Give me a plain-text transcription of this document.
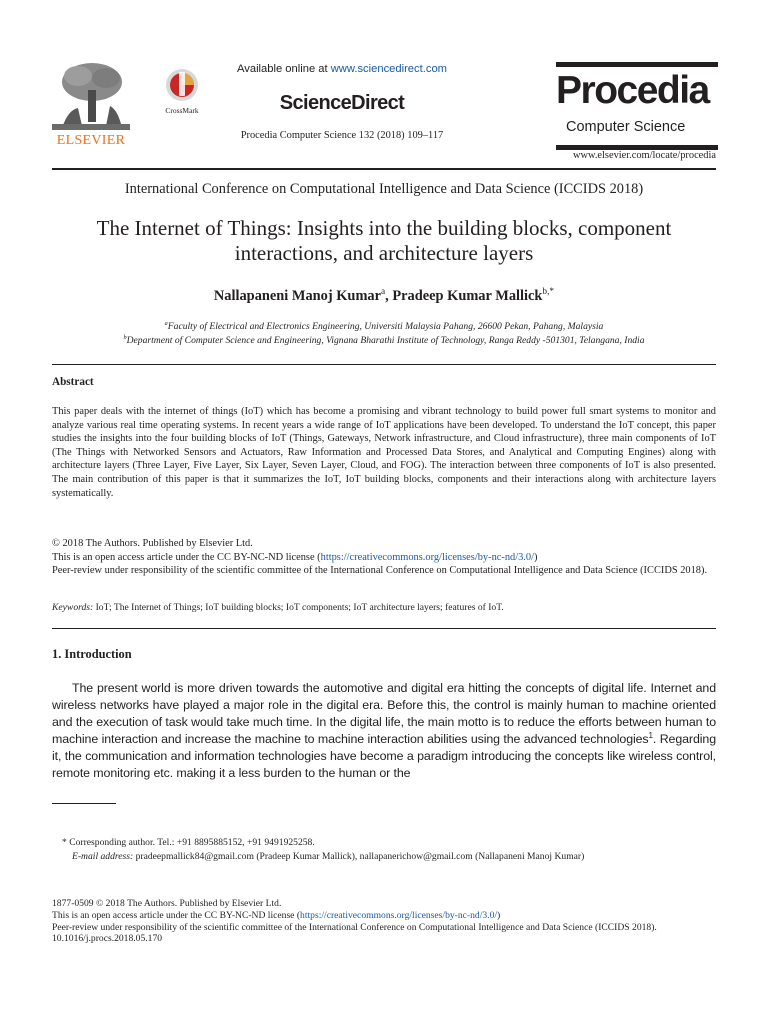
ELSEVIER
CrossMark
Available online at www.sciencedirect.com
ScienceDirect
Procedia Computer Science 132 (2018) 109–117
Procedia
Computer Science
www.elsevier.com/locate/procedia
International Conference on Computational Intelligence and Data Science (ICCIDS 2018)
The Internet of Things: Insights into the building blocks, component
interactions, and architecture layers
Nallapaneni Manoj Kumar$^a$, Pradeep Kumar Mallick$^{b,*}$
$^a$Faculty of Electrical and Electronics Engineering, Universiti Malaysia Pahang, 26600 Pekan, Pahang, Malaysia
$^b$Department of Computer Science and Engineering, Vignana Bharathi Institute of Technology, Ranga Reddy -501301, Telangana, India
Abstract
This paper deals with the internet of things (IoT) which has become a promising and vibrant technology to build power full smart systems to monitor and analyze various real time operating systems. In recent years a wide range of IoT applications have been developed. To understand the IoT concept, this paper studies the insights into the four building blocks of IoT (Things, Gateways, Network infrastructure, and Cloud infrastructure), three main components of IoT (The Things with Networked Sensors and Actuators, Raw Information and Processed Data Stores, and Analytical and Computing Engines) along with architecture layers (Three Layer, Five Layer, Six Layer, Seven Layer, Cloud, and FOG). The interaction between three components of IoT is also presented. The main contribution of this paper is that it summarizes the IoT, IoT building blocks, components and their interactions along with architecture layers systematically.
© 2018 The Authors. Published by Elsevier Ltd.
This is an open access article under the CC BY-NC-ND license (https://creativecommons.org/licenses/by-nc-nd/3.0/)
Peer-review under responsibility of the scientific committee of the International Conference on Computational Intelligence and Data Science (ICCIDS 2018).
Keywords: IoT; The Internet of Things; IoT building blocks; IoT components; IoT architecture layers; features of IoT.
1. Introduction
The present world is more driven towards the automotive and digital era hitting the concepts of digital life. Internet and wireless networks have played a major role in the digital era. Before this, the control is mainly human to machine oriented and the execution of task would take much time. In the digital life, the main motto is to reduce the efforts between human to machine interaction and increase the machine to machine interaction abilities using the advanced technologies$^1$. Regarding it, the communication and information technologies have become a paradigm introducing the concepts like wireless control, remote monitoring etc. making it a less burden to the human or the
* Corresponding author. Tel.: +91 8895885152, +91 9491925258.
E-mail address: pradeepmallick84@gmail.com (Pradeep Kumar Mallick), nallapanerichow@gmail.com (Nallapaneni Manoj Kumar)
1877-0509 © 2018 The Authors. Published by Elsevier Ltd.
This is an open access article under the CC BY-NC-ND license (https://creativecommons.org/licenses/by-nc-nd/3.0/)
Peer-review under responsibility of the scientific committee of the International Conference on Computational Intelligence and Data Science (ICCIDS 2018).
10.1016/j.procs.2018.05.170
